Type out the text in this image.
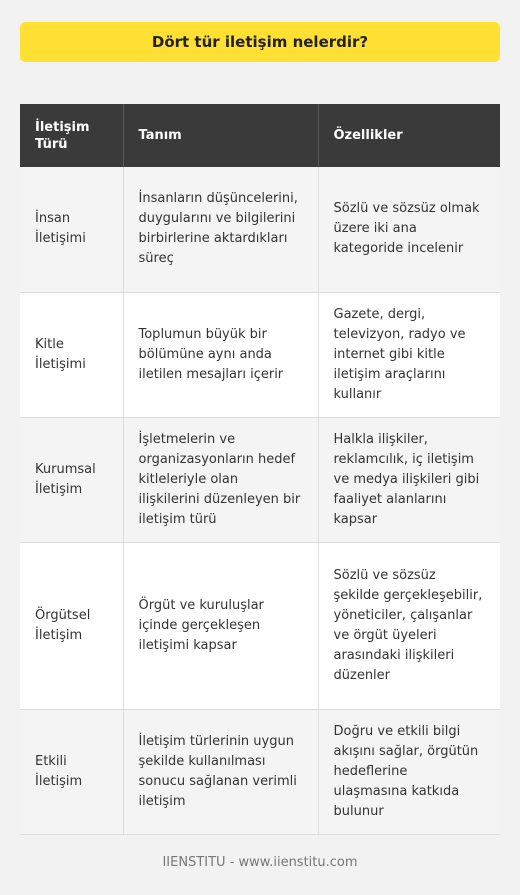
Dört tür iletişim nelerdir?
İletişim Türü	Tanım	Özellikler
İnsan İletişimi	İnsanların düşüncelerini, duygularını ve bilgilerini birbirlerine aktardıkları süreç	Sözlü ve sözsüz olmak üzere iki ana kategoride incelenir
Kitle İletişimi	Toplumun büyük bir bölümüne aynı anda iletilen mesajları içerir	Gazete, dergi, televizyon, radyo ve internet gibi kitle iletişim araçlarını kullanır
Kurumsal İletişim	İşletmelerin ve organizasyonların hedef kitleleriyle olan ilişkilerini düzenleyen bir iletişim türü	Halkla ilişkiler, reklamcılık, iç iletişim ve medya ilişkileri gibi faaliyet alanlarını kapsar
Örgütsel İletişim	Örgüt ve kuruluşlar içinde gerçekleşen iletişimi kapsar	Sözlü ve sözsüz şekilde gerçekleşebilir, yöneticiler, çalışanlar ve örgüt üyeleri arasındaki ilişkileri düzenler
Etkili İletişim	İletişim türlerinin uygun şekilde kullanılması sonucu sağlanan verimli iletişim	Doğru ve etkili bilgi akışını sağlar, örgütün hedeflerine ulaşmasına katkıda bulunur
IIENSTITU - www.iienstitu.com
